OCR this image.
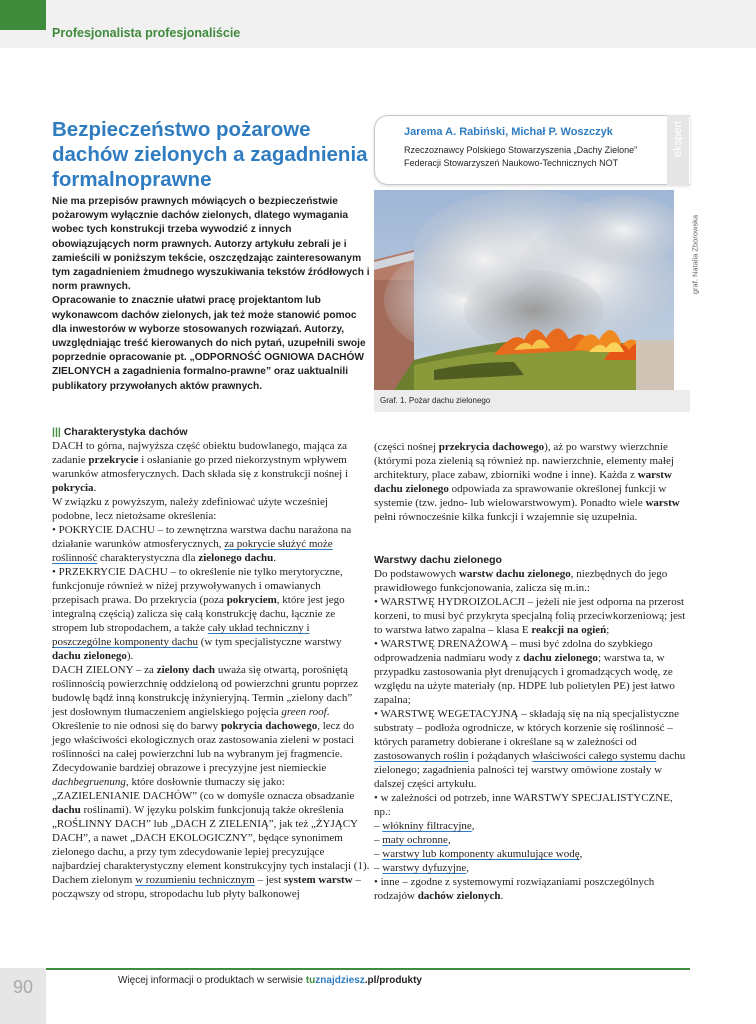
Profesjonalista profesjonaliście
Bezpieczeństwo pożarowe dachów zielonych a zagadnienia formalnoprawne

Nie ma przepisów prawnych mówiących o bezpieczeństwie pożarowym wyłącznie dachów zielonych, dlatego wymagania wobec tych konstrukcji trzeba wywodzić z innych obowiązujących norm prawnych. Autorzy artykułu zebrali je i zamieścili w poniższym tekście, oszczędzając zainteresowanym tym zagadnieniem żmudnego wyszukiwania tekstów źródłowych i norm prawnych.

Opracowanie to znacznie ułatwi pracę projektantom lub wykonawcom dachów zielonych, jak też może stanowić pomoc dla inwestorów w wyborze stosowanych rozwiązań. Autorzy, uwzględniając treść kierowanych do nich pytań, uzupełnili swoje poprzednie opracowanie pt. „ODPORNOŚĆ OGNIOWA DACHÓW ZIELONYCH a zagadnienia formalno-prawne” oraz uaktualnili publikatory przywołanych aktów prawnych.

Jarema A. Rabiński, Michał P. Woszczyk
Rzeczoznawcy Polskiego Stowarzyszenia „Dachy Zielone”
Federacji Stowarzyszeń Naukowo-Technicznych NOT
ekspert
graf. Natalia Zborowska
Graf. 1. Pożar dachu zielonego
||| Charakterystyka dachów

DACH to górna, najwyższa część obiektu budowlanego, mająca za zadanie przekrycie i osłanianie go przed niekorzystnym wpływem warunków atmosferycznych. Dach składa się z konstrukcji nośnej i pokrycia.

W związku z powyższym, należy zdefiniować użyte wcześniej podobne, lecz nietożsame określenia:

• POKRYCIE DACHU – to zewnętrzna warstwa dachu narażona na działanie warunków atmosferycznych, za pokrycie służyć może roślinność charakterystyczna dla zielonego dachu.

• PRZEKRYCIE DACHU – to określenie nie tylko merytoryczne, funkcjonuje również w niżej przywoływanych i omawianych przepisach prawa. Do przekrycia (poza pokryciem, które jest jego integralną częścią) zalicza się całą konstrukcję dachu, łącznie ze stropem lub stropodachem, a także cały układ techniczny i poszczególne komponenty dachu (w tym specjalistyczne warstwy dachu zielonego).

DACH ZIELONY – za zielony dach uważa się otwartą, porośniętą roślinnością powierzchnię oddzieloną od powierzchni gruntu poprzez budowlę bądź inną konstrukcję inżynieryjną. Termin „zielony dach” jest dosłownym tłumaczeniem angielskiego pojęcia green roof. Określenie to nie odnosi się do barwy pokrycia dachowego, lecz do jego właściwości ekologicznych oraz zastosowania zieleni w postaci roślinności na całej powierzchni lub na wybranym jej fragmencie. Zdecydowanie bardziej obrazowe i precyzyjne jest niemieckie dachbegruenung, które dosłownie tłumaczy się jako: „ZAZIELENIANIE DACHÓW” (co w domyśle oznacza obsadzanie dachu roślinami). W języku polskim funkcjonują także określenia „ROŚLINNY DACH” lub „DACH Z ZIELENIĄ”, jak też „ŻYJĄCY DACH”, a nawet „DACH EKOLOGICZNY”, będące synonimem zielonego dachu, a przy tym zdecydowanie lepiej precyzujące najbardziej charakterystyczny element konstrukcyjny tych instalacji (1).

Dachem zielonym w rozumieniu technicznym – jest system warstw – począwszy od stropu, stropodachu lub płyty balkonowej

(części nośnej przekrycia dachowego), aż po warstwy wierzchnie (którymi poza zielenią są również np. nawierzchnie, elementy małej architektury, place zabaw, zbiorniki wodne i inne). Każda z warstw dachu zielonego odpowiada za sprawowanie określonej funkcji w systemie (tzw. jedno- lub wielowarstwowym). Ponadto wiele warstw pełni równocześnie kilka funkcji i wzajemnie się uzupełnia.

Warstwy dachu zielonego

Do podstawowych warstw dachu zielonego, niezbędnych do jego prawidłowego funkcjonowania, zalicza się m.in.:

• WARSTWĘ HYDROIZOLACJI – jeżeli nie jest odporna na przerost korzeni, to musi być przykryta specjalną folią przeciwkorzeniową; jest to warstwa łatwo zapalna – klasa E reakcji na ogień;

• WARSTWĘ DRENAŻOWĄ – musi być zdolna do szybkiego odprowadzenia nadmiaru wody z dachu zielonego; warstwa ta, w przypadku zastosowania płyt drenujących i gromadzących wodę, ze względu na użyte materiały (np. HDPE lub polietylen PE) jest łatwo zapalna;

• WARSTWĘ WEGETACYJNĄ – składają się na nią specjalistyczne substraty – podłoża ogrodnicze, w których korzenie się roślinność – których parametry dobierane i określane są w zależności od zastosowanych roślin i pożądanych właściwości całego systemu dachu zielonego; zagadnienia palności tej warstwy omówione zostały w dalszej części artykułu.

• w zależności od potrzeb, inne WARSTWY SPECJALISTYCZNE, np.:

– włókniny filtracyjne,

– maty ochronne,

– warstwy lub komponenty akumulujące wodę,

– warstwy dyfuzyjne,

• inne – zgodne z systemowymi rozwiązaniami poszczególnych rodzajów dachów zielonych.

90	Więcej informacji o produktach w serwisie tuznajdziesz.pl/produkty
